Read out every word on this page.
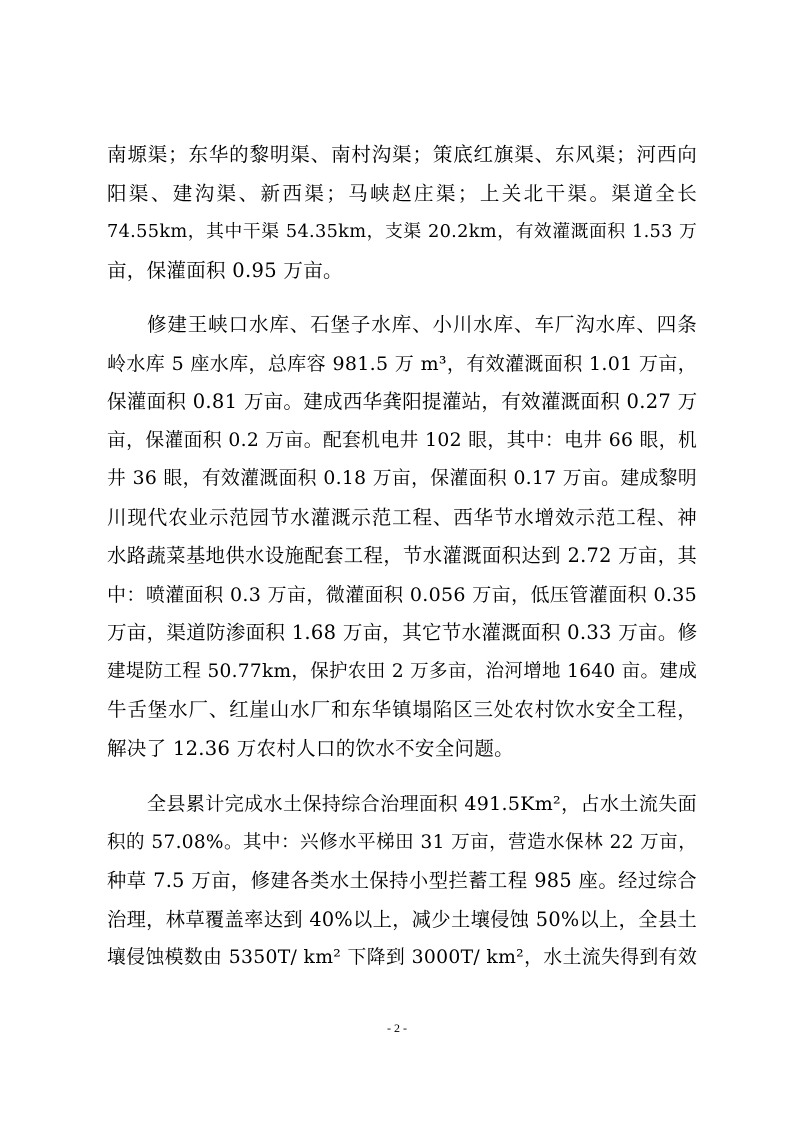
南塬渠；东华的黎明渠、南村沟渠；策底红旗渠、东风渠；河西向
阳渠、建沟渠、新西渠；马峡赵庄渠；上关北干渠。渠道全长
74.55km，其中干渠 54.35km，支渠 20.2km，有效灌溉面积 1.53 万
亩，保灌面积 0.95 万亩。
修建王峡口水库、石堡子水库、小川水库、车厂沟水库、四条
岭水库 5 座水库，总库容 981.5 万 m³，有效灌溉面积 1.01 万亩，
保灌面积 0.81 万亩。建成西华龚阳提灌站，有效灌溉面积 0.27 万
亩，保灌面积 0.2 万亩。配套机电井 102 眼，其中：电井 66 眼，机
井 36 眼，有效灌溉面积 0.18 万亩，保灌面积 0.17 万亩。建成黎明
川现代农业示范园节水灌溉示范工程、西华节水增效示范工程、神
水路蔬菜基地供水设施配套工程，节水灌溉面积达到 2.72 万亩，其
中：喷灌面积 0.3 万亩，微灌面积 0.056 万亩，低压管灌面积 0.35
万亩，渠道防渗面积 1.68 万亩，其它节水灌溉面积 0.33 万亩。修
建堤防工程 50.77km，保护农田 2 万多亩，治河增地 1640 亩。建成
牛舌堡水厂、红崖山水厂和东华镇塌陷区三处农村饮水安全工程，
解决了 12.36 万农村人口的饮水不安全问题。
全县累计完成水土保持综合治理面积 491.5Km²，占水土流失面
积的 57.08%。其中：兴修水平梯田 31 万亩，营造水保林 22 万亩，
种草 7.5 万亩，修建各类水土保持小型拦蓄工程 985 座。经过综合
治理，林草覆盖率达到 40%以上，减少土壤侵蚀 50%以上，全县土
壤侵蚀模数由 5350T/ km² 下降到 3000T/ km²，水土流失得到有效
- 2 -
